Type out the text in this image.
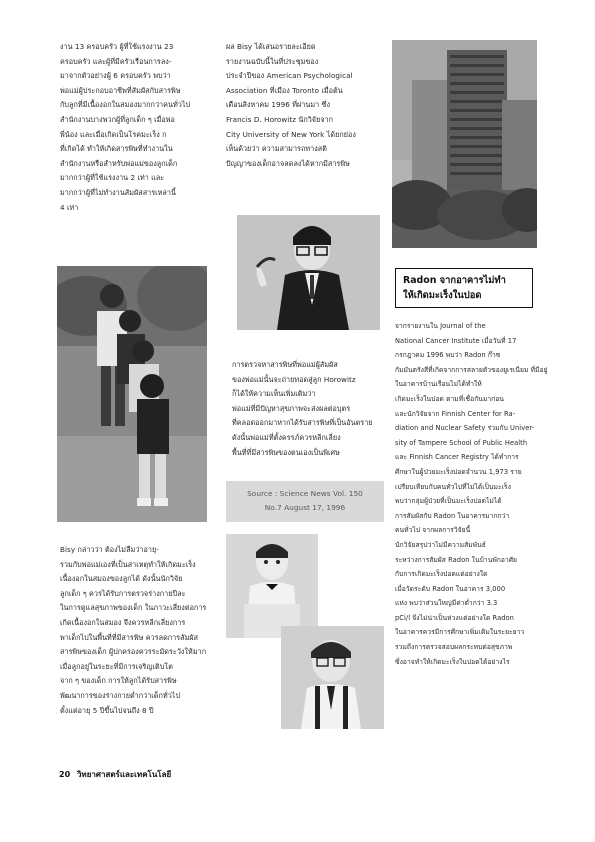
งาน 13 ครอบครัว ผู้ที่ใช้แรงงาน 23
ครอบครัว และผู้ที่มีครัวเรือนการลง-
มาจากตัวอย่างผู้ 6 ครอบครัว พบว่า
พ่อแม่ผู้ประกอบอาชีพที่สัมผัสกับสารพิษ
กับลูกที่มีเนื้องอกในสมองมากกว่าคนทั่วไป
สำนักงานบางพวกผู้ที่ลูกเด็ก ๆ เมื่อพ่อ
พี่น้อง และเมื่อเกิดเป็นโรคมะเร็ง ก
ที่เกิดได้ ทำให้เกิดสารพิษที่ทำงานใน
สำนักงานหรือสำหรับพ่อแม่ของลูกเด็ก
มากกว่าผู้ที่ใช้แรงงาน 2 เท่า และ
มากกว่าผู้ที่ไม่ทำงานสัมผัสสารเหล่านี้
4 เท่า
Bisy กล่าวว่า ต้องไม่ลืมว่าอายุ-
รวมกับพ่อแม่เองที่เป็นสาเหตุทำให้เกิดมะเร็ง
เนื้องอกในสมองของลูกได้ ดังนั้นนักวิจัย
ลูกเด็ก ๆ ควรได้รับการตรวจร่างกายปีละ
ในการดูแลสุขภาพของเด็ก ในภาวะเสี่ยงต่อการ
เกิดเนื้องอกในสมอง จึงควรหลีกเลี่ยงการ
พาเด็กไปในพื้นที่ที่มีสารพิษ ควรลดการสัมผัส
สารพิษของเด็ก ผู้ปกครองควรระมัดระวังให้มาก
เมื่อลูกอยู่ในระยะที่มีการเจริญเติบโต
จาก ๆ ของเด็ก การให้ลูกได้รับสารพิษ
พัฒนาการของร่างกายต่ำกว่าเด็กทั่วไป
ตั้งแต่อายุ 5 ปีขึ้นไปจนถึง 8 ปี
ผล Bisy ได้เสนอรายละเอียด
รายงานฉบับนี้ในที่ประชุมของ
ประจำปีของ American Psychological
Association ที่เมือง Toronto เมื่อต้น
เดือนสิงหาคม 1996 ที่ผ่านมา ซึ่ง
Francis D. Horowitz นักวิจัยจาก
City University of New York ได้ยกย่อง
เห็นด้วยว่า ความสามารถทางสติ
ปัญญาของเด็กอาจลดลงได้หากมีสารพิษ
การตรวจหาสารพิษที่พ่อแม่ผู้สัมผัส
ของพ่อแม่นั้นจะถ่ายทอดสู่ลูก Horowitz
ก็ได้ให้ความเห็นเพิ่มเติมว่า
พ่อแม่ที่มีปัญหาสุขภาพจะส่งผลต่อบุตร
ที่คลอดออกมาหากได้รับสารพิษที่เป็นอันตราย
ดังนั้นพ่อแม่ที่ตั้งครรภ์ควรหลีกเลี่ยง
พื้นที่ที่มีสารพิษของตนเองเป็นพิเศษ
Source : Science News Vol. 150
No.7 August 17, 1996
Radon จากอาคารไม่ทำ
ให้เกิดมะเร็งในปอด
จากรายงานใน Journal of the
National Cancer Institute เมื่อวันที่ 17
กรกฎาคม 1996 พบว่า Radon ก๊าซ
กัมมันตรังสีที่เกิดจากการสลายตัวของยูเรเนียม ที่มีอยู่
ในอาคารบ้านเรือนไม่ได้ทำให้
เกิดมะเร็งในปอด ตามที่เชื่อกันมาก่อน
และนักวิจัยจาก Finnish Center for Ra-
diation and Nuclear Safety ร่วมกับ Univer-
sity of Tampere School of Public Health
และ Finnish Cancer Registry ได้ทำการ
ศึกษาในผู้ป่วยมะเร็งปอดจำนวน 1,973 ราย
เปรียบเทียบกับคนทั่วไปที่ไม่ได้เป็นมะเร็ง
พบว่ากลุ่มผู้ป่วยที่เป็นมะเร็งปอดไม่ได้
การสัมผัสกับ Radon ในอาคารมากกว่า
คนทั่วไป จากผลการวิจัยนี้
นักวิจัยสรุปว่าไม่มีความสัมพันธ์
ระหว่างการสัมผัส Radon ในบ้านพักอาศัย
กับการเกิดมะเร็งปอดแต่อย่างใด
เมื่อวัดระดับ Radon ในอาคาร 3,000
แห่ง พบว่าส่วนใหญ่มีค่าต่ำกว่า 3.3
pCi/l จึงไม่น่าเป็นห่วงแต่อย่างใด Radon
ในอาคารควรมีการศึกษาเพิ่มเติมในระยะยาว
รวมถึงการตรวจสอบผลกระทบต่อสุขภาพ
ซึ่งอาจทำให้เกิดมะเร็งในปอดได้อย่างไร
20 วิทยาศาสตร์และเทคโนโลยี
